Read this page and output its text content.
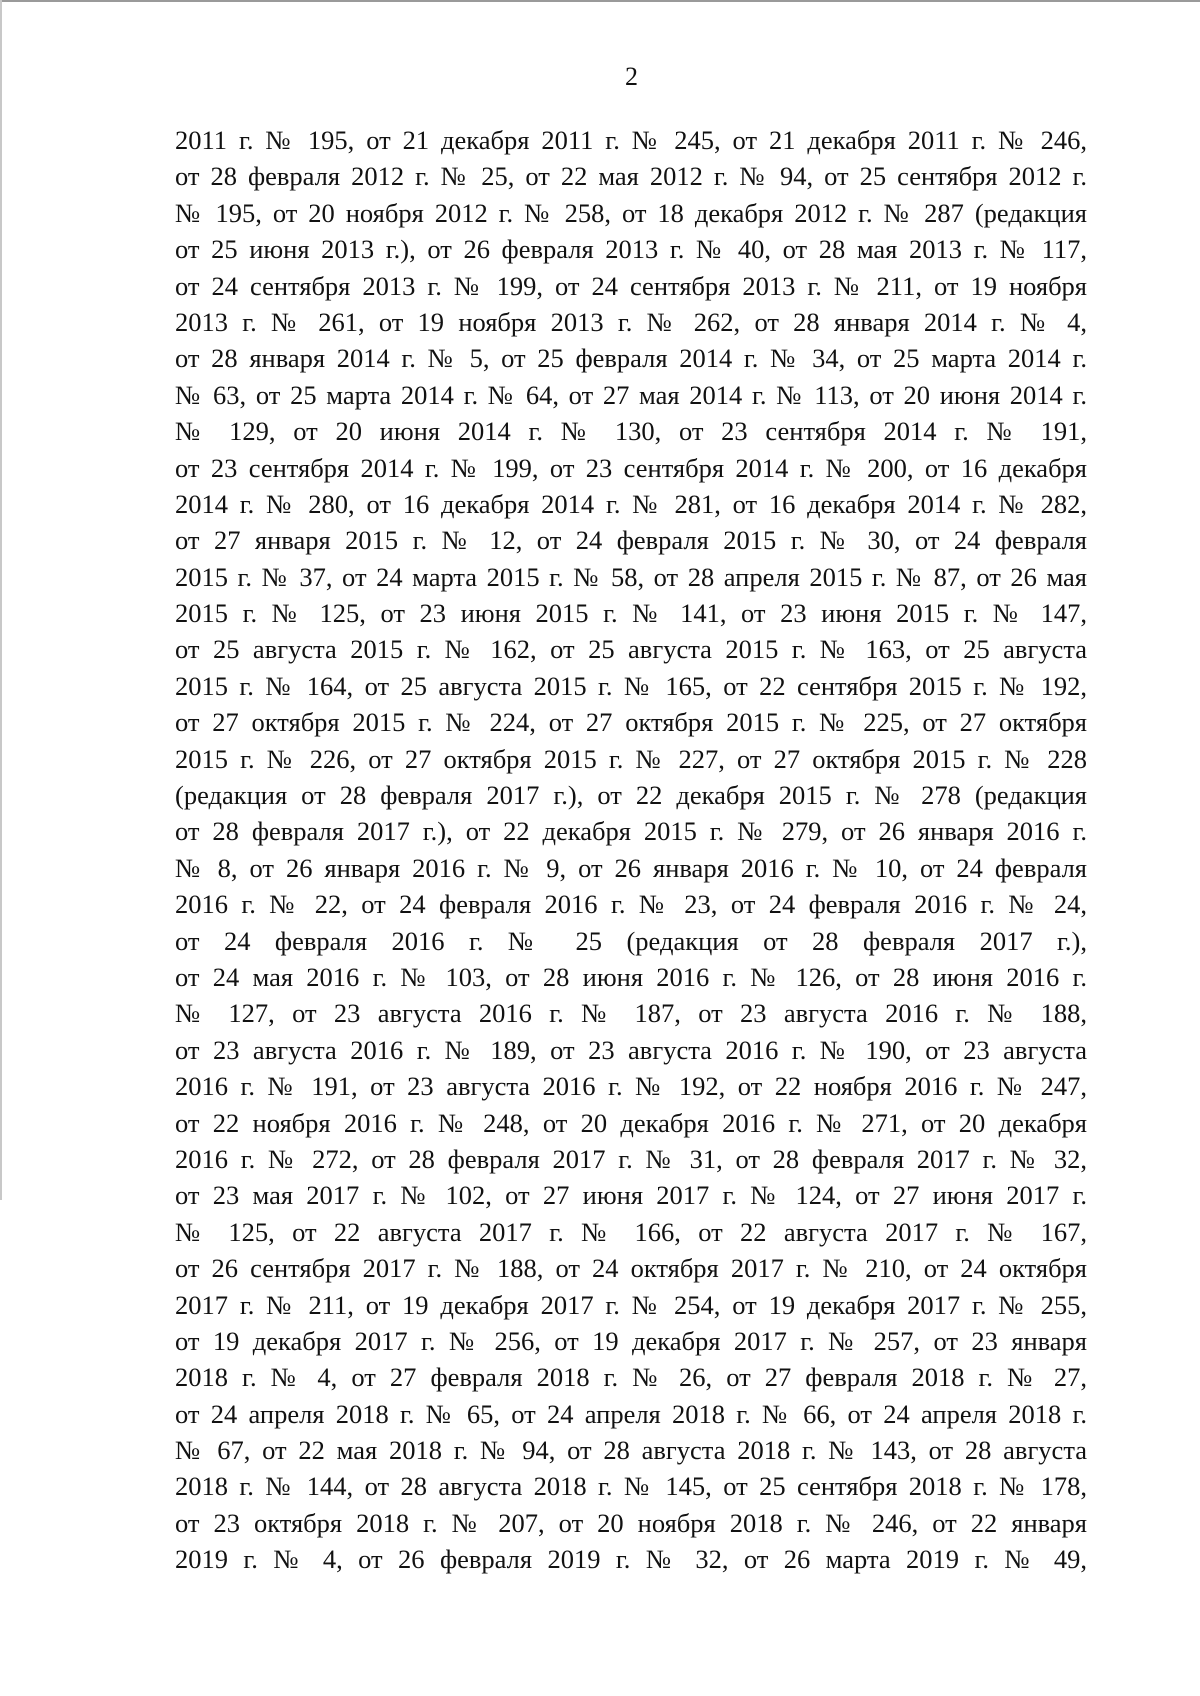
2
2011 г. № 195, от 21 декабря 2011 г. № 245, от 21 декабря 2011 г. № 246,
от 28 февраля 2012 г. № 25, от 22 мая 2012 г. № 94, от 25 сентября 2012 г.
№ 195, от 20 ноября 2012 г. № 258, от 18 декабря 2012 г. № 287 (редакция
от 25 июня 2013 г.), от 26 февраля 2013 г. № 40, от 28 мая 2013 г. № 117,
от 24 сентября 2013 г. № 199, от 24 сентября 2013 г. № 211, от 19 ноября
2013 г. № 261, от 19 ноября 2013 г. № 262, от 28 января 2014 г. № 4,
от 28 января 2014 г. № 5, от 25 февраля 2014 г. № 34, от 25 марта 2014 г.
№ 63, от 25 марта 2014 г. № 64, от 27 мая 2014 г. № 113, от 20 июня 2014 г.
№ 129, от 20 июня 2014 г. № 130, от 23 сентября 2014 г. № 191,
от 23 сентября 2014 г. № 199, от 23 сентября 2014 г. № 200, от 16 декабря
2014 г. № 280, от 16 декабря 2014 г. № 281, от 16 декабря 2014 г. № 282,
от 27 января 2015 г. № 12, от 24 февраля 2015 г. № 30, от 24 февраля
2015 г. № 37, от 24 марта 2015 г. № 58, от 28 апреля 2015 г. № 87, от 26 мая
2015 г. № 125, от 23 июня 2015 г. № 141, от 23 июня 2015 г. № 147,
от 25 августа 2015 г. № 162, от 25 августа 2015 г. № 163, от 25 августа
2015 г. № 164, от 25 августа 2015 г. № 165, от 22 сентября 2015 г. № 192,
от 27 октября 2015 г. № 224, от 27 октября 2015 г. № 225, от 27 октября
2015 г. № 226, от 27 октября 2015 г. № 227, от 27 октября 2015 г. № 228
(редакция от 28 февраля 2017 г.), от 22 декабря 2015 г. № 278 (редакция
от 28 февраля 2017 г.), от 22 декабря 2015 г. № 279, от 26 января 2016 г.
№ 8, от 26 января 2016 г. № 9, от 26 января 2016 г. № 10, от 24 февраля
2016 г. № 22, от 24 февраля 2016 г. № 23, от 24 февраля 2016 г. № 24,
от 24 февраля 2016 г. № 25 (редакция от 28 февраля 2017 г.),
от 24 мая 2016 г. № 103, от 28 июня 2016 г. № 126, от 28 июня 2016 г.
№ 127, от 23 августа 2016 г. № 187, от 23 августа 2016 г. № 188,
от 23 августа 2016 г. № 189, от 23 августа 2016 г. № 190, от 23 августа
2016 г. № 191, от 23 августа 2016 г. № 192, от 22 ноября 2016 г. № 247,
от 22 ноября 2016 г. № 248, от 20 декабря 2016 г. № 271, от 20 декабря
2016 г. № 272, от 28 февраля 2017 г. № 31, от 28 февраля 2017 г. № 32,
от 23 мая 2017 г. № 102, от 27 июня 2017 г. № 124, от 27 июня 2017 г.
№ 125, от 22 августа 2017 г. № 166, от 22 августа 2017 г. № 167,
от 26 сентября 2017 г. № 188, от 24 октября 2017 г. № 210, от 24 октября
2017 г. № 211, от 19 декабря 2017 г. № 254, от 19 декабря 2017 г. № 255,
от 19 декабря 2017 г. № 256, от 19 декабря 2017 г. № 257, от 23 января
2018 г. № 4, от 27 февраля 2018 г. № 26, от 27 февраля 2018 г. № 27,
от 24 апреля 2018 г. № 65, от 24 апреля 2018 г. № 66, от 24 апреля 2018 г.
№ 67, от 22 мая 2018 г. № 94, от 28 августа 2018 г. № 143, от 28 августа
2018 г. № 144, от 28 августа 2018 г. № 145, от 25 сентября 2018 г. № 178,
от 23 октября 2018 г. № 207, от 20 ноября 2018 г. № 246, от 22 января
2019 г. № 4, от 26 февраля 2019 г. № 32, от 26 марта 2019 г. № 49,
